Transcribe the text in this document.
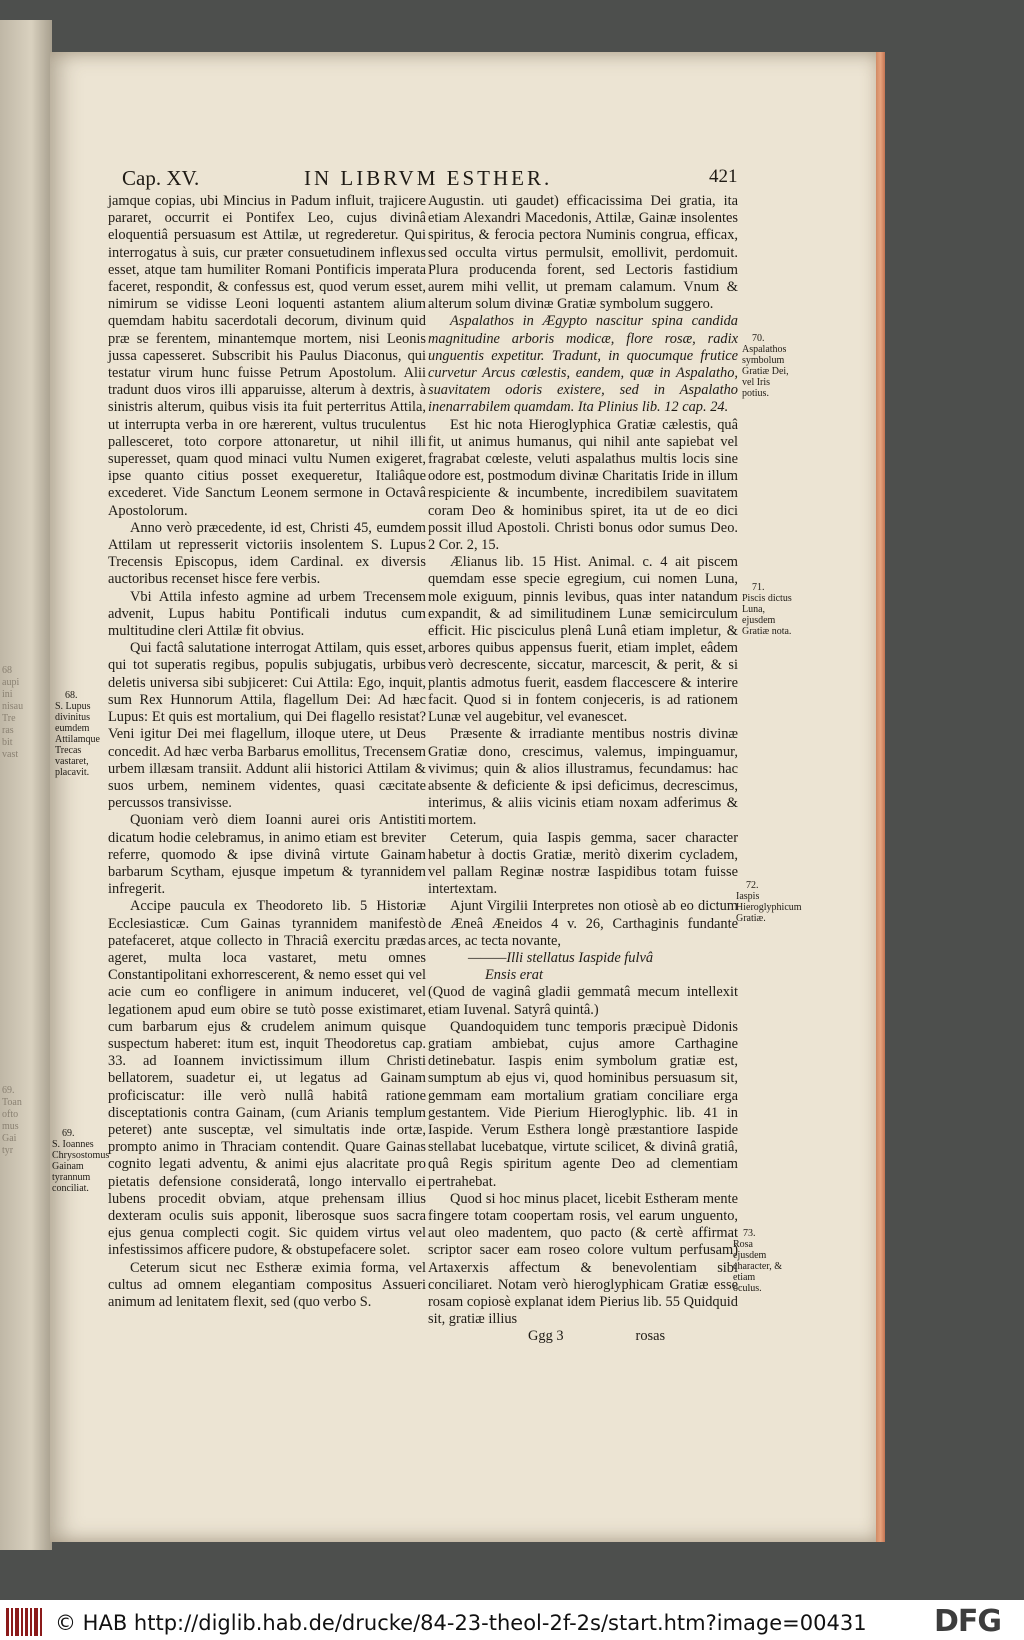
68
aupi
ini
nisau
Tre
ras
bit
vast
69.
Toan
ofto
mus
Gai
tyr
Cap. XV.	IN LIBRVM ESTHER.	421

jamque copias, ubi Mincius in Padum influit, trajicere pararet, occurrit ei Pontifex Leo, cujus divinâ eloquentiâ persuasum est Attilæ, ut regrederetur. Qui interrogatus à suis, cur præter consuetudinem inflexus esset, atque tam humiliter Romani Pontificis imperata faceret, respondit, & confessus est, quod verum esset, nimirum se vidisse Leoni loquenti astantem alium quemdam habitu sacerdotali decorum, divinum quid præ se ferentem, minantemque mortem, nisi Leonis jussa capesseret. Subscribit his Paulus Diaconus, qui testatur virum hunc fuisse Petrum Apostolum. Alii tradunt duos viros illi apparuisse, alterum à dextris, à sinistris alterum, quibus visis ita fuit perterritus Attila, ut interrupta verba in ore hærerent, vultus truculentus pallesceret, toto corpore attonaretur, ut nihil illi superesset, quam quod minaci vultu Numen exigeret, ipse quanto citius posset exequeretur, Italiâque excederet. Vide Sanctum Leonem sermone in Octavâ Apostolorum.

Anno verò præcedente, id est, Christi 45, eumdem Attilam ut represserit victoriis insolentem S. Lupus Trecensis Episcopus, idem Cardinal. ex diversis auctoribus recenset hisce fere verbis.

Vbi Attila infesto agmine ad urbem Trecensem advenit, Lupus habitu Pontificali indutus cum multitudine cleri Attilæ fit obvius.

Qui factâ salutatione interrogat Attilam, quis esset, qui tot superatis regibus, populis subjugatis, urbibus deletis universa sibi subjiceret: Cui Attila: Ego, inquit, sum Rex Hunnorum Attila, flagellum Dei: Ad hæc Lupus: Et quis est mortalium, qui Dei flagello resistat? Veni igitur Dei mei flagellum, illoque utere, ut Deus concedit. Ad hæc verba Barbarus emollitus, Trecensem urbem illæsam transiit. Addunt alii historici Attilam & suos urbem, neminem videntes, quasi cæcitate percussos transivisse.

Quoniam verò diem Ioanni aurei oris Antistiti dicatum hodie celebramus, in animo etiam est breviter referre, quomodo & ipse divinâ virtute Gainam barbarum Scytham, ejusque impetum & tyrannidem infregerit.

Accipe paucula ex Theodoreto lib. 5 Historiæ Ecclesiasticæ. Cum Gainas tyrannidem manifestò patefaceret, atque collecto in Thraciâ exercitu prædas ageret, multa loca vastaret, metu omnes Constantipolitani exhorrescerent, & nemo esset qui vel acie cum eo confligere in animum induceret, vel legationem apud eum obire se tutò posse existimaret, cum barbarum ejus & crudelem animum quisque suspectum haberet: itum est, inquit Theodoretus cap. 33. ad Ioannem invictissimum illum Christi bellatorem, suadetur ei, ut legatus ad Gainam proficiscatur: ille verò nullâ habitâ ratione disceptationis contra Gainam, (cum Arianis templum peteret) ante susceptæ, vel simultatis inde ortæ, prompto animo in Thraciam contendit. Quare Gainas cognito legati adventu, & animi ejus alacritate pro pietatis defensione consideratâ, longo intervallo ei lubens procedit obviam, atque prehensam illius dexteram oculis suis apponit, liberosque suos sacra ejus genua complecti cogit. Sic quidem virtus vel infestissimos afficere pudore, & obstupefacere solet.

Ceterum sicut nec Estheræ eximia forma, vel cultus ad omnem elegantiam compositus Assueri animum ad lenitatem flexit, sed (quo verbo S.

Augustin. uti gaudet) efficacissima Dei gratia, ita etiam Alexandri Macedonis, Attilæ, Gainæ insolentes spiritus, & ferocia pectora Numinis congrua, efficax, sed occulta virtus permulsit, emollivit, perdomuit. Plura producenda forent, sed Lectoris fastidium aurem mihi vellit, ut premam calamum. Vnum & alterum solum divinæ Gratiæ symbolum suggero.

Aspalathos in Ægypto nascitur spina candida magnitudine arboris modicæ, flore rosæ, radix unguentis expetitur. Tradunt, in quocumque frutice curvetur Arcus cœlestis, eandem, quæ in Aspalatho, suavitatem odoris existere, sed in Aspalatho inenarrabilem quamdam. Ita Plinius lib. 12 cap. 24.

Est hic nota Hieroglyphica Gratiæ cælestis, quâ fit, ut animus humanus, qui nihil ante sapiebat vel fragrabat cœleste, veluti aspalathus multis locis sine odore est, postmodum divinæ Charitatis Iride in illum respiciente & incumbente, incredibilem suavitatem coram Deo & hominibus spiret, ita ut de eo dici possit illud Apostoli. Christi bonus odor sumus Deo. 2 Cor. 2, 15.

Ælianus lib. 15 Hist. Animal. c. 4 ait piscem quemdam esse specie egregium, cui nomen Luna, mole exiguum, pinnis levibus, quas inter natandum expandit, & ad similitudinem Lunæ semicirculum efficit. Hic pisciculus plenâ Lunâ etiam impletur, & arbores quibus appensus fuerit, etiam implet, eâdem verò decrescente, siccatur, marcescit, & perit, & si plantis admotus fuerit, easdem flaccescere & interire facit. Quod si in fontem conjeceris, is ad rationem Lunæ vel augebitur, vel evanescet.

Præsente & irradiante mentibus nostris divinæ Gratiæ dono, crescimus, valemus, impinguamur, vivimus; quin & alios illustramus, fecundamus: hac absente & deficiente & ipsi deficimus, decrescimus, interimus, & aliis vicinis etiam noxam adferimus & mortem.

Ceterum, quia Iaspis gemma, sacer character habetur à doctis Gratiæ, meritò dixerim cycladem, vel pallam Reginæ nostræ Iaspidibus totam fuisse intertextam.

Ajunt Virgilii Interpretes non otiosè ab eo dictum de Æneâ Æneidos 4 v. 26, Carthaginis fundante arces, ac tecta novante,

———Illi stellatus Iaspide fulvâ

Ensis erat

(Quod de vaginâ gladii gemmatâ mecum intellexit etiam Iuvenal. Satyrâ quintâ.)

Quandoquidem tunc temporis præcipuè Didonis gratiam ambiebat, cujus amore Carthagine detinebatur. Iaspis enim symbolum gratiæ est, sumptum ab ejus vi, quod hominibus persuasum sit, gemmam eam mortalium gratiam conciliare erga gestantem. Vide Pierium Hieroglyphic. lib. 41 in Iaspide. Verum Esthera longè præstantiore Iaspide stellabat lucebatque, virtute scilicet, & divinâ gratiâ, quâ Regis spiritum agente Deo ad clementiam pertrahebat.

Quod si hoc minus placet, licebit Estheram mente fingere totam coopertam rosis, vel earum unguento, aut oleo madentem, quo pacto (& certè affirmat scriptor sacer eam roseo colore vultum perfusam) Artaxerxis affectum & benevolentiam sibi conciliaret. Notam verò hieroglyphicam Gratiæ esse rosam copiosè explanat idem Pierius lib. 55 Quidquid sit, gratiæ illius

Ggg 3                    rosas

68.
S. Lupus divinitus eumdem Attilamque Trecas vastaret, placavit.
69.
S. Ioannes Chrysostomus Gainam tyrannum conciliat.
70.
Aspalathos symbolum Gratiæ Dei, vel Iris potius.
71.
Piscis dictus Luna, ejusdem Gratiæ nota.
72.
Iaspis Hieroglyphicum Gratiæ.
73.
Rosa ejusdem character, & etiam oculus.
© HAB http://diglib.hab.de/drucke/84-23-theol-2f-2s/start.htm?image=00431 DFG
